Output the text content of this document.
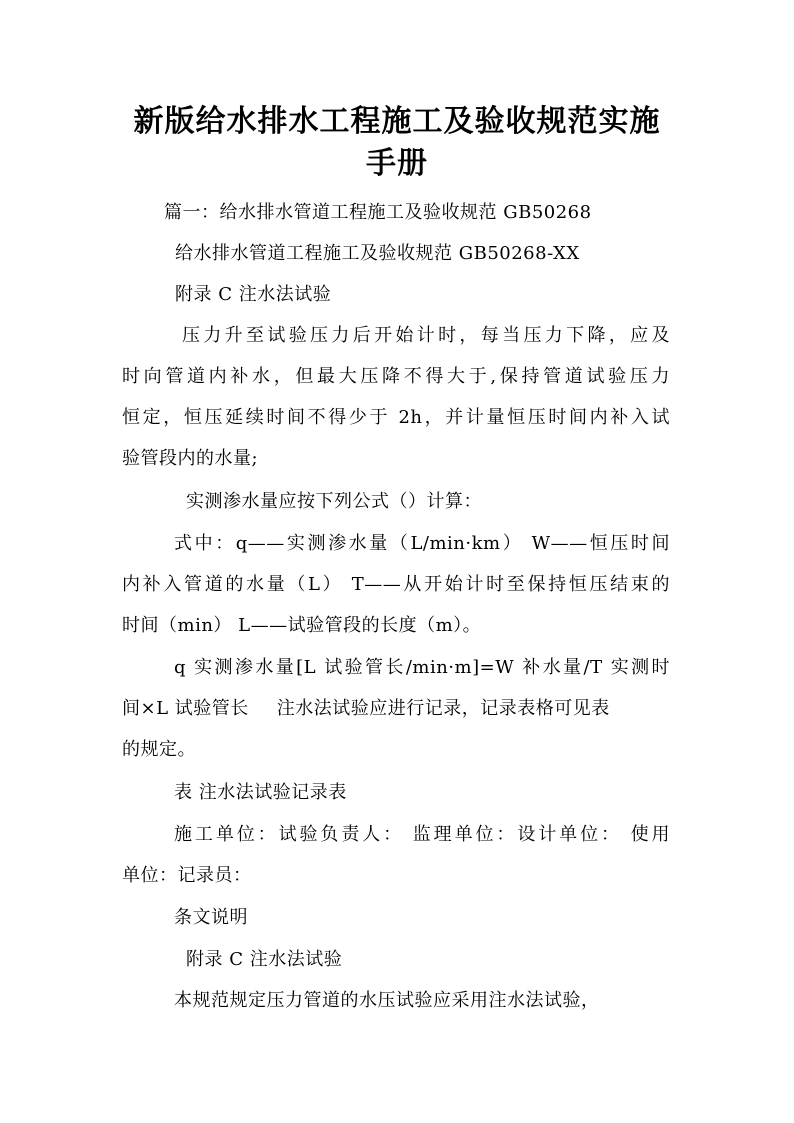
新版给水排水工程施工及验收规范实施
手册
篇一：给水排水管道工程施工及验收规范 GB50268
给水排水管道工程施工及验收规范 GB50268-XX
附录 C 注水法试验
压力升至试验压力后开始计时，每当压力下降，应及
时向管道内补水，但最大压降不得大于,保持管道试验压力
恒定，恒压延续时间不得少于 2h，并计量恒压时间内补入试
验管段内的水量;
实测渗水量应按下列公式（）计算：
式中：q——实测渗水量（L/min·km） W——恒压时间
内补入管道的水量（L） T——从开始计时至保持恒压结束的
时间（min） L——试验管段的长度（m）。
q 实测渗水量[L 试验管长/min·m]=W 补水量/T 实测时
间×L 试验管长 注水法试验应进行记录，记录表格可见表
的规定。
表 注水法试验记录表
施工单位：试验负责人： 监理单位：设计单位： 使用
单位：记录员：
条文说明
附录 C 注水法试验
本规范规定压力管道的水压试验应采用注水法试验，
